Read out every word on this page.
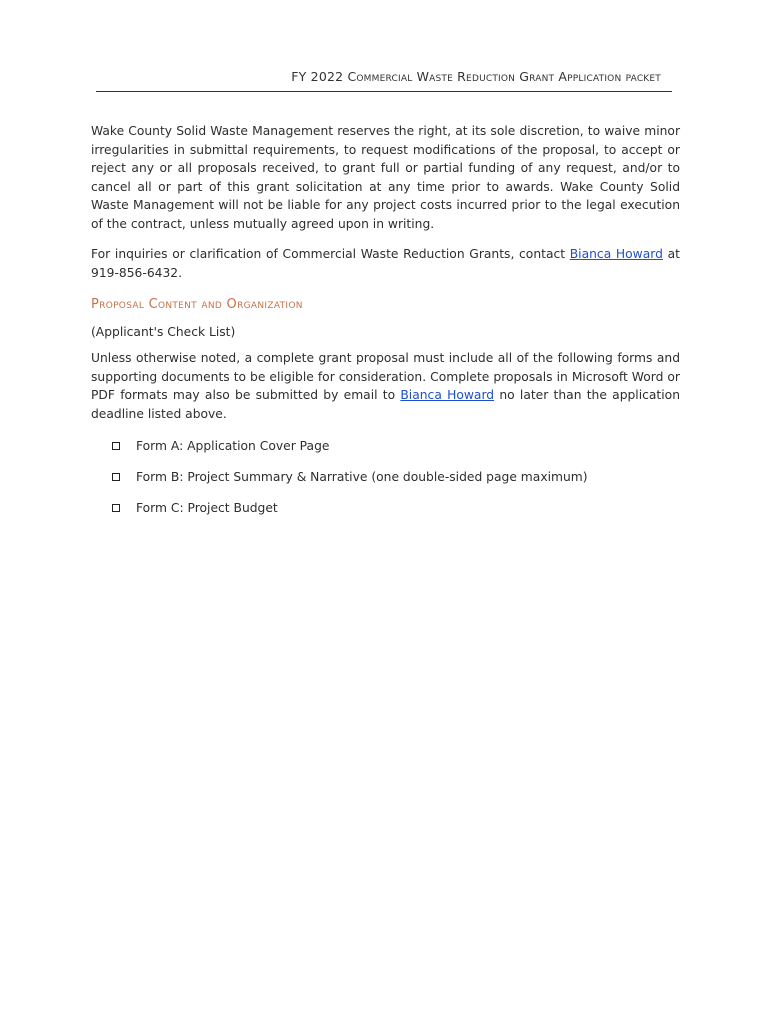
FY 2022 Commercial Waste Reduction Grant Application packet

Wake County Solid Waste Management reserves the right, at its sole discretion, to waive minor irregularities in submittal requirements, to request modifications of the proposal, to accept or reject any or all proposals received, to grant full or partial funding of any request, and/or to cancel all or part of this grant solicitation at any time prior to awards. Wake County Solid Waste Management will not be liable for any project costs incurred prior to the legal execution of the contract, unless mutually agreed upon in writing.

For inquiries or clarification of Commercial Waste Reduction Grants, contact Bianca Howard at 919-856-6432.

Proposal Content and Organization

(Applicant's Check List)

Unless otherwise noted, a complete grant proposal must include all of the following forms and supporting documents to be eligible for consideration. Complete proposals in Microsoft Word or PDF formats may also be submitted by email to Bianca Howard no later than the application deadline listed above.

Form A: Application Cover Page
Form B: Project Summary & Narrative (one double-sided page maximum)
Form C: Project Budget
